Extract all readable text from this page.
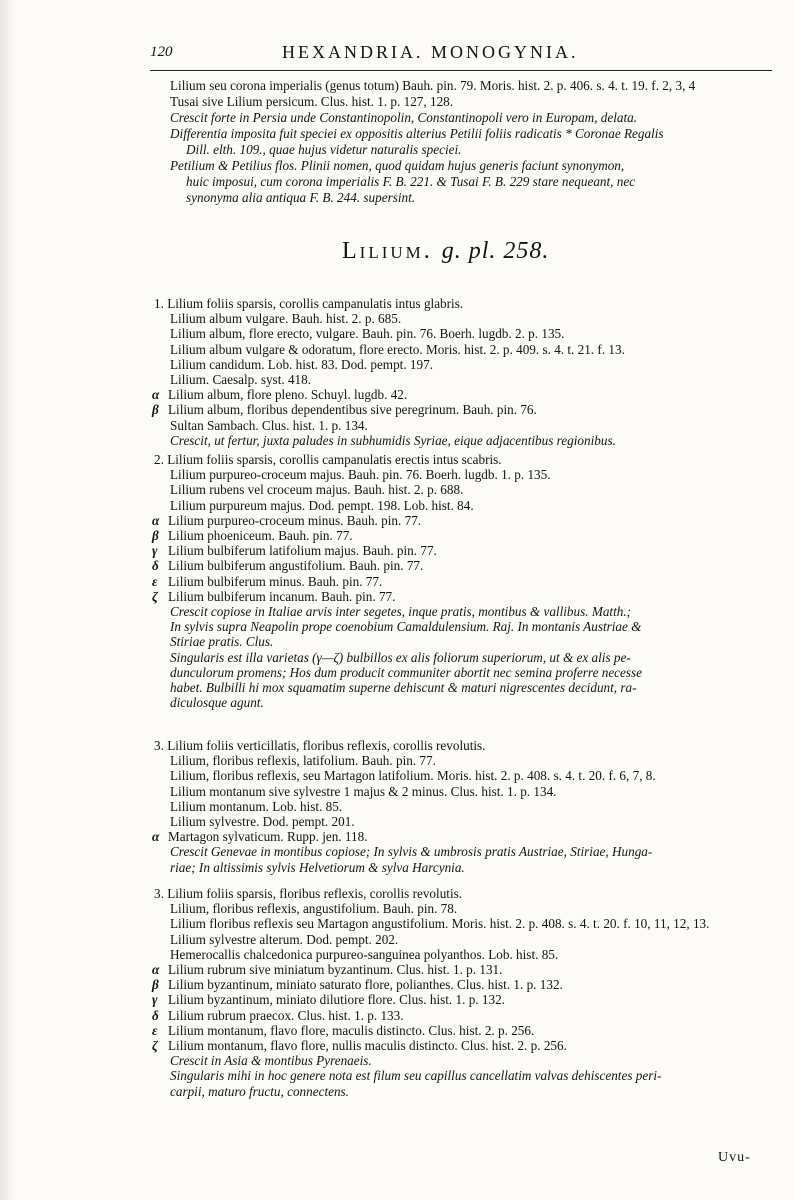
120	HEXANDRIA. MONOGYNIA.
Lilium seu corona imperialis (genus totum) Bauh. pin. 79. Moris. hist. 2. p. 406. s. 4. t. 19. f. 2, 3, 4
Tusai sive Lilium persicum. Clus. hist. 1. p. 127, 128.
Crescit forte in Persia unde Constantinopolin, Constantinopoli vero in Europam, delata.
Differentia imposita fuit speciei ex oppositis alterius Petilii foliis radicatis * Coronae Regalis
Dill. elth. 109., quae hujus videtur naturalis speciei.
Petilium & Petilius flos. Plinii nomen, quod quidam hujus generis faciunt synonymon,
huic imposui, cum corona imperialis F. B. 221. & Tusai F. B. 229 stare nequeant, nec
synonyma alia antiqua F. B. 244. supersint.
Lilium. g. pl. 258.
1. Lilium foliis sparsis, corollis campanulatis intus glabris.
Lilium album vulgare. Bauh. hist. 2. p. 685.
Lilium album, flore erecto, vulgare. Bauh. pin. 76. Boerh. lugdb. 2. p. 135.
Lilium album vulgare & odoratum, flore erecto. Moris. hist. 2. p. 409. s. 4. t. 21. f. 13.
Lilium candidum. Lob. hist. 83. Dod. pempt. 197.
Lilium. Caesalp. syst. 418.
α Lilium album, flore pleno. Schuyl. lugdb. 42.
β Lilium album, floribus dependentibus sive peregrinum. Bauh. pin. 76.
Sultan Sambach. Clus. hist. 1. p. 134.
Crescit, ut fertur, juxta paludes in subhumidis Syriae, eique adjacentibus regionibus.
2. Lilium foliis sparsis, corollis campanulatis erectis intus scabris.
Lilium purpureo-croceum majus. Bauh. pin. 76. Boerh. lugdb. 1. p. 135.
Lilium rubens vel croceum majus. Bauh. hist. 2. p. 688.
Lilium purpureum majus. Dod. pempt. 198. Lob. hist. 84.
α Lilium purpureo-croceum minus. Bauh. pin. 77.
β Lilium phoeniceum. Bauh. pin. 77.
γ Lilium bulbiferum latifolium majus. Bauh. pin. 77.
δ Lilium bulbiferum angustifolium. Bauh. pin. 77.
ε Lilium bulbiferum minus. Bauh. pin. 77.
ζ Lilium bulbiferum incanum. Bauh. pin. 77.
Crescit copiose in Italiae arvis inter segetes, inque pratis, montibus & vallibus. Matth.;
In sylvis supra Neapolin prope coenobium Camaldulensium. Raj. In montanis Austriae &
Stiriae pratis. Clus.
Singularis est illa varietas (γ—ζ) bulbillos ex alis foliorum superiorum, ut & ex alis pe-
dunculorum promens; Hos dum producit communiter abortit nec semina proferre necesse
habet. Bulbilli hi mox squamatim superne dehiscunt & maturi nigrescentes decidunt, ra-
diculosque agunt.
3. Lilium foliis verticillatis, floribus reflexis, corollis revolutis.
Lilium, floribus reflexis, latifolium. Bauh. pin. 77.
Lilium, floribus reflexis, seu Martagon latifolium. Moris. hist. 2. p. 408. s. 4. t. 20. f. 6, 7, 8.
Lilium montanum sive sylvestre 1 majus & 2 minus. Clus. hist. 1. p. 134.
Lilium montanum. Lob. hist. 85.
Lilium sylvestre. Dod. pempt. 201.
α Martagon sylvaticum. Rupp. jen. 118.
Crescit Genevae in montibus copiose; In sylvis & umbrosis pratis Austriae, Stiriae, Hunga-
riae; In altissimis sylvis Helvetiorum & sylva Harcynia.
3. Lilium foliis sparsis, floribus reflexis, corollis revolutis.
Lilium, floribus reflexis, angustifolium. Bauh. pin. 78.
Lilium floribus reflexis seu Martagon angustifolium. Moris. hist. 2. p. 408. s. 4. t. 20. f. 10, 11, 12, 13.
Lilium sylvestre alterum. Dod. pempt. 202.
Hemerocallis chalcedonica purpureo-sanguinea polyanthos. Lob. hist. 85.
α Lilium rubrum sive miniatum byzantinum. Clus. hist. 1. p. 131.
β Lilium byzantinum, miniato saturato flore, polianthes. Clus. hist. 1. p. 132.
γ Lilium byzantinum, miniato dilutiore flore. Clus. hist. 1. p. 132.
δ Lilium rubrum praecox. Clus. hist. 1. p. 133.
ε Lilium montanum, flavo flore, maculis distincto. Clus. hist. 2. p. 256.
ζ Lilium montanum, flavo flore, nullis maculis distincto. Clus. hist. 2. p. 256.
Crescit in Asia & montibus Pyrenaeis.
Singularis mihi in hoc genere nota est filum seu capillus cancellatim valvas dehiscentes peri-
carpii, maturo fructu, connectens.
Uvu-
